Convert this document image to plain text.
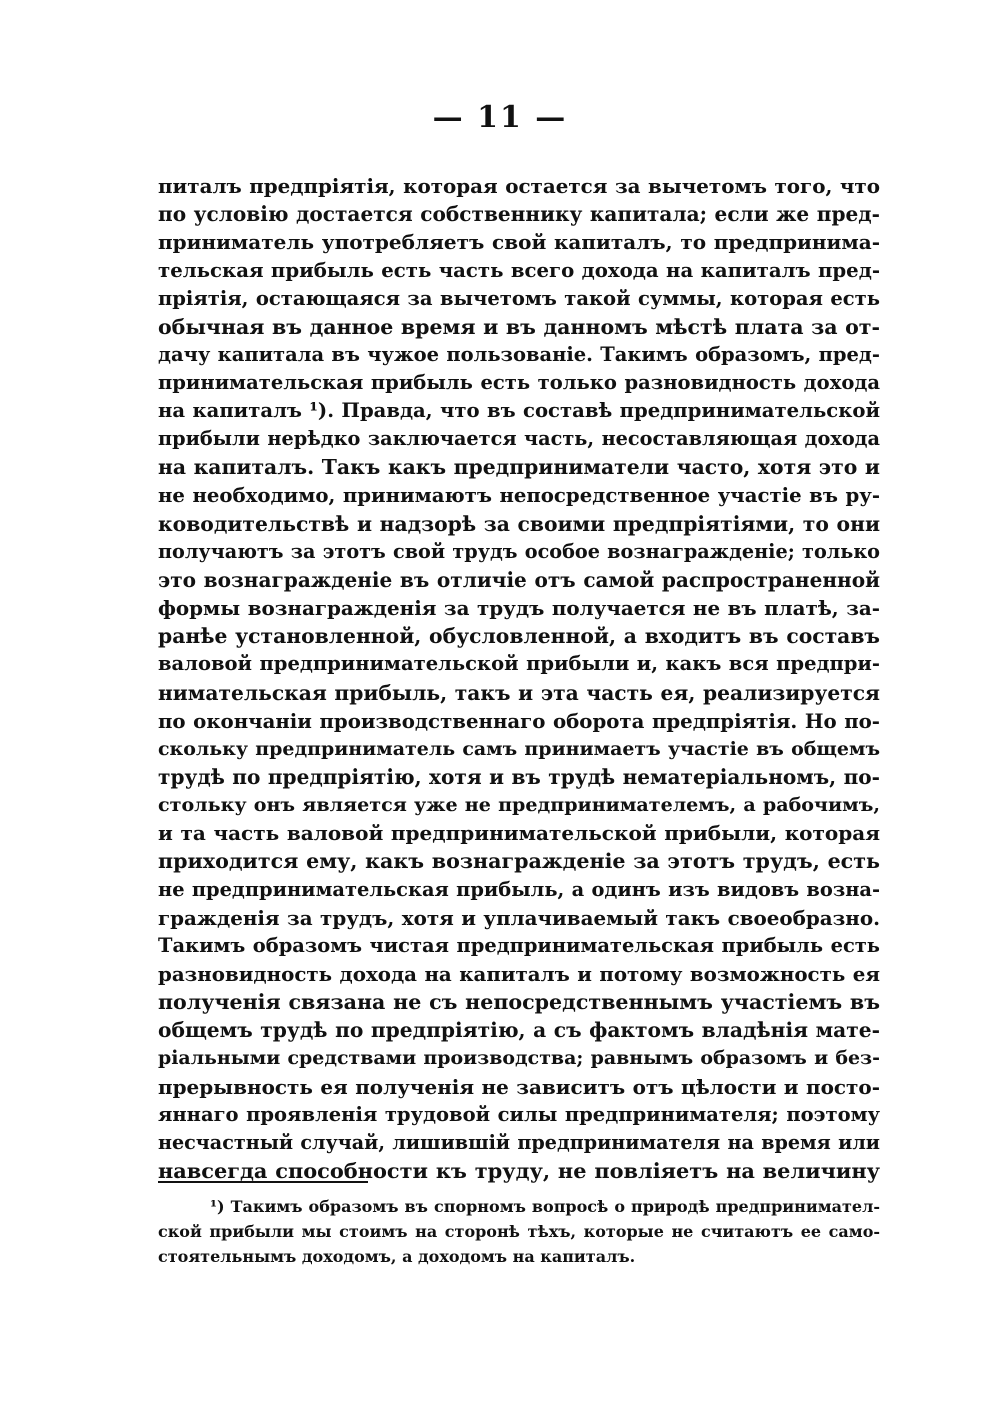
— 11 —
питалъ предпріятія, которая остается за вычетомъ того, что
по условію достается собственнику капитала; если же пред-
приниматель употребляетъ свой капиталъ, то предпринима-
тельская прибыль есть часть всего дохода на капиталъ пред-
пріятія, остающаяся за вычетомъ такой суммы, которая есть
обычная въ данное время и въ данномъ мѣстѣ плата за от-
дачу капитала въ чужое пользованіе. Такимъ образомъ, пред-
принимательская прибыль есть только разновидность дохода
на капиталъ ¹). Правда, что въ составѣ предпринимательской
прибыли нерѣдко заключается часть, несоставляющая дохода
на капиталъ. Такъ какъ предприниматели часто, хотя это и
не необходимо, принимаютъ непосредственное участіе въ ру-
ководительствѣ и надзорѣ за своими предпріятіями, то они
получаютъ за этотъ свой трудъ особое вознагражденіе; только
это вознагражденіе въ отличіе отъ самой распространенной
формы вознагражденія за трудъ получается не въ платѣ, за-
ранѣе установленной, обусловленной, а входитъ въ составъ
валовой предпринимательской прибыли и, какъ вся предпри-
нимательская прибыль, такъ и эта часть ея, реализируется
по окончаніи производственнаго оборота предпріятія. Но по-
скольку предприниматель самъ принимаетъ участіе въ общемъ
трудѣ по предпріятію, хотя и въ трудѣ нематеріальномъ, по-
стольку онъ является уже не предпринимателемъ, а рабочимъ,
и та часть валовой предпринимательской прибыли, которая
приходится ему, какъ вознагражденіе за этотъ трудъ, есть
не предпринимательская прибыль, а одинъ изъ видовъ возна-
гражденія за трудъ, хотя и уплачиваемый такъ своеобразно.
Такимъ образомъ чистая предпринимательская прибыль есть
разновидность дохода на капиталъ и потому возможность ея
полученія связана не съ непосредственнымъ участіемъ въ
общемъ трудѣ по предпріятію, а съ фактомъ владѣнія мате-
ріальными средствами производства; равнымъ образомъ и без-
прерывность ея полученія не зависитъ отъ цѣлости и посто-
яннаго проявленія трудовой силы предпринимателя; поэтому
несчастный случай, лишившій предпринимателя на время или
навсегда способности къ труду, не повліяетъ на величину
¹) Такимъ образомъ въ спорномъ вопросѣ о природѣ предпринимател-
ской прибыли мы стоимъ на сторонѣ тѣхъ, которые не считаютъ ее само-
стоятельнымъ доходомъ, а доходомъ на капиталъ.
